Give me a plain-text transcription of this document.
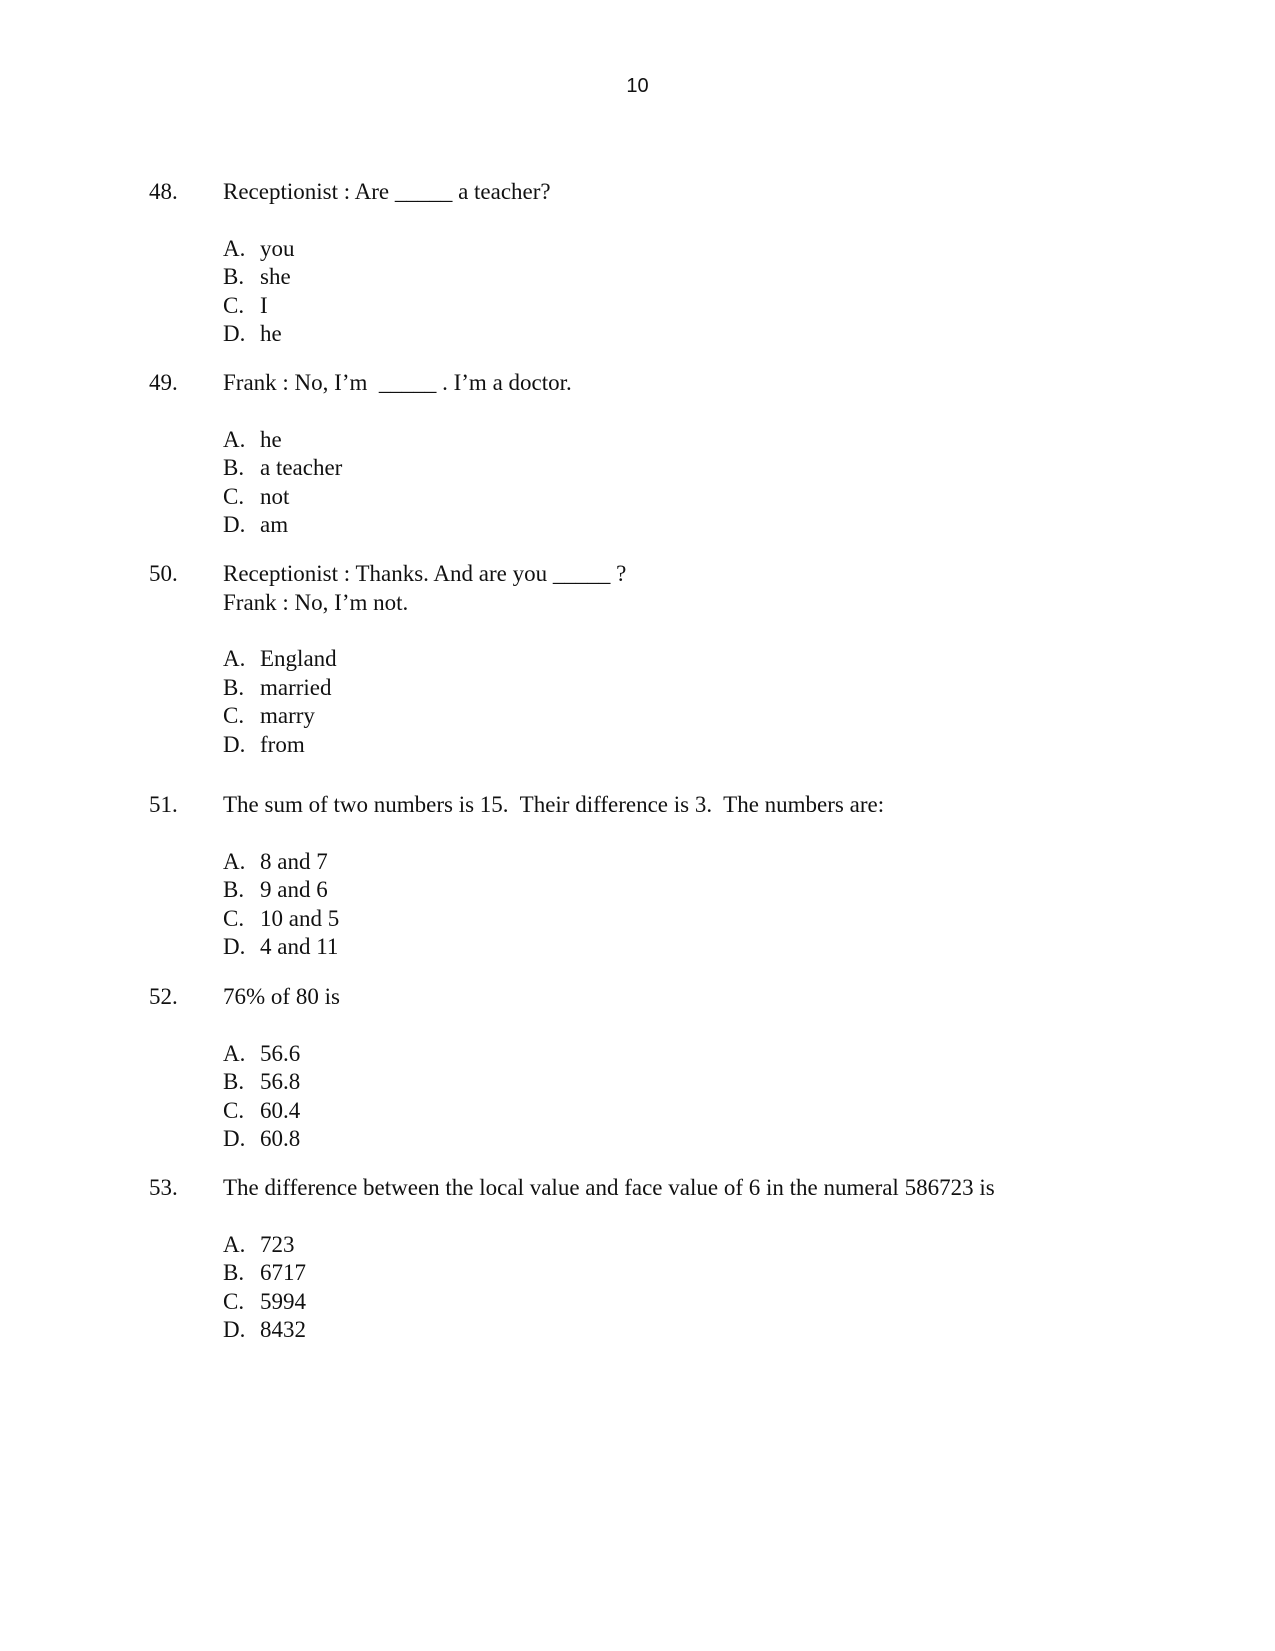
10
48.	Receptionist : Are _____ a teacher?
A. you
B. she
C. I
D. he
49.	Frank : No, I’m  _____ . I’m a doctor.
A. he
B. a teacher
C. not
D. am
50.	Receptionist : Thanks. And are you _____ ?
Frank : No, I’m not.
A. England
B. married
C. marry
D. from
51.	The sum of two numbers is 15.  Their difference is 3.  The numbers are:
A. 8 and 7
B. 9 and 6
C. 10 and 5
D. 4 and 11
52.	76% of 80 is
A. 56.6
B. 56.8
C. 60.4
D. 60.8
53.	The difference between the local value and face value of 6 in the numeral 586723 is
A. 723
B. 6717
C. 5994
D. 8432
